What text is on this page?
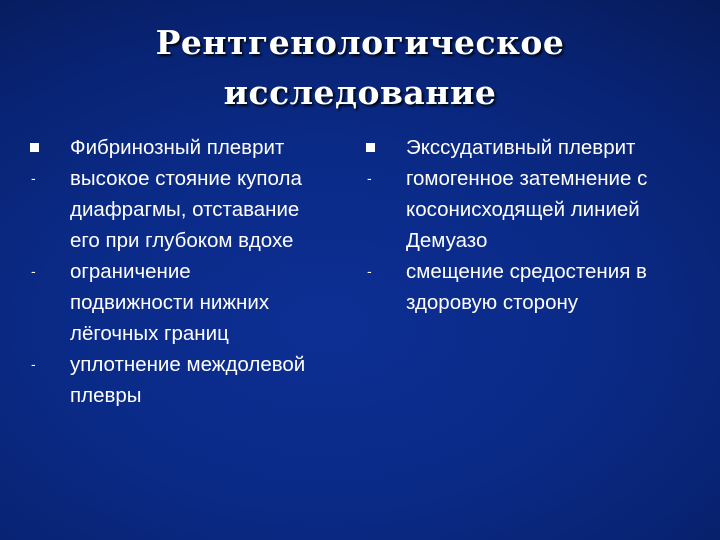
Рентгенологическое
исследование
Фибринозный плеврит
- высокое стояние купола
диафрагмы, отставание
его при глубоком вдохе
- ограничение
подвижности нижних
лёгочных границ
- уплотнение междолевой
плевры
Экссудативный плеврит
- гомогенное затемнение с
косонисходящей линией
Демуазо
- смещение средостения в
здоровую сторону
